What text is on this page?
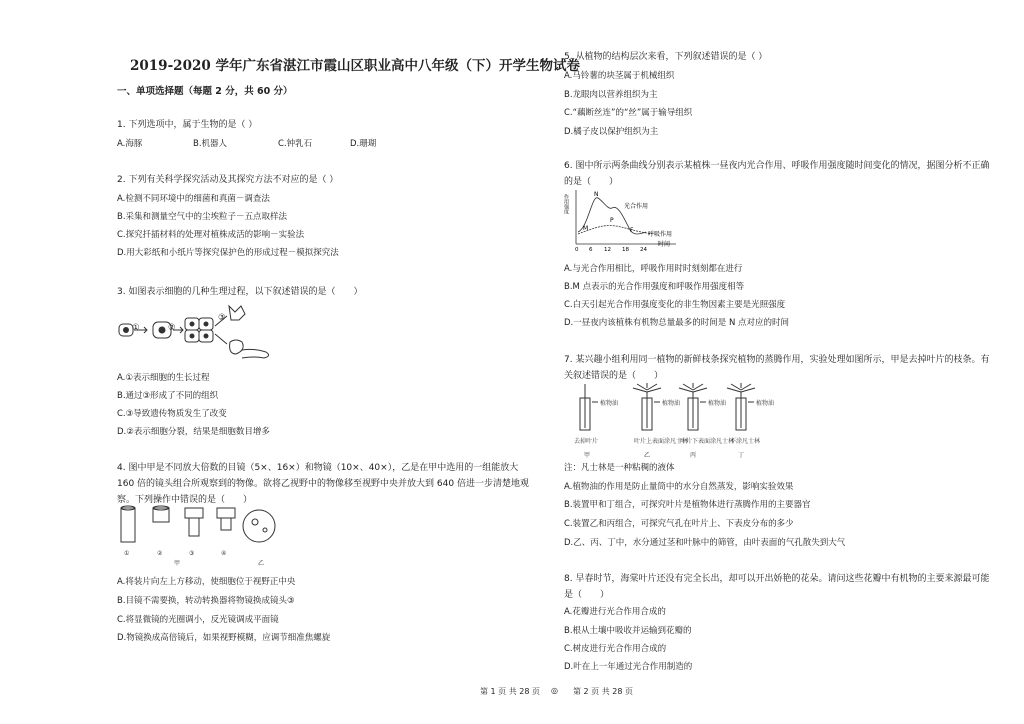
2019-2020 学年广东省湛江市霞山区职业高中八年级（下）开学生物试卷
一、单项选择题（每题 2 分，共 60 分）
1. 下列选项中，属于生物的是（ ）
A.海豚	B.机器人	C.钟乳石	D.珊瑚
2. 下列有关科学探究活动及其探究方法不对应的是（ ）
A.检测不同环境中的细菌和真菌－调查法
B.采集和测量空气中的尘埃粒子－五点取样法
C.探究扦插材料的处理对植株成活的影响－实验法
D.用大彩纸和小纸片等探究保护色的形成过程－模拟探究法
3. 如图表示细胞的几种生理过程，以下叙述错误的是（　　）
①	②
③
A.①表示细胞的生长过程
B.通过③形成了不同的组织
C.③导致遗传物质发生了改变
D.②表示细胞分裂，结果是细胞数目增多
4. 图中甲是不同放大倍数的目镜（5×、16×）和物镜（10×、40×），乙是在甲中选用的一组能放大 160 倍的镜头组合所观察到的物像。欲将乙视野中的物像移至视野中央并放大到 640 倍进一步清楚地观察。下列操作中错误的是（　　）
①	②	③	④
甲	乙
A.将装片向左上方移动，使细胞位于视野正中央
B.目镜不需要换，转动转换器将物镜换成镜头③
C.将显微镜的光圈调小，反光镜调成平面镜
D.物镜换成高倍镜后，如果视野模糊，应调节细准焦螺旋
5. 从植物的结构层次来看，下列叙述错误的是（ ）
A.马铃薯的块茎属于机械组织
B.龙眼肉以营养组织为主
C.“藕断丝连”的“丝”属于输导组织
D.橘子皮以保护组织为主
6. 图中所示两条曲线分别表示某植株一昼夜内光合作用、呼吸作用强度随时间变化的情况，据图分析不正确的是（　　）
作用强度	N
M
P
F
光合作用
呼吸作用
时间
0 6 12 18 24
A.与光合作用相比，呼吸作用时时刻刻都在进行
B.M 点表示的光合作用强度和呼吸作用强度相等
C.白天引起光合作用强度变化的非生物因素主要是光照强度
D.一昼夜内该植株有机物总量最多的时间是 N 点对应的时间
7. 某兴趣小组利用同一植物的新鲜枝条探究植物的蒸腾作用，实验处理如图所示，甲是去掉叶片的枝条。有关叙述错误的是（　　）
植物油	植物油	植物油	植物油
去掉叶片	叶片上表面涂凡士林
叶片下表面涂凡士林
不涂凡士林
甲	乙	丙	丁
注：凡士林是一种粘稠的液体
A.植物油的作用是防止量筒中的水分自然蒸发，影响实验效果
B.装置甲和丁组合，可探究叶片是植物体进行蒸腾作用的主要器官
C.装置乙和丙组合，可探究气孔在叶片上、下表皮分布的多少
D.乙、丙、丁中，水分通过茎和叶脉中的筛管，由叶表面的气孔散失到大气
8. 早春时节，海棠叶片还没有完全长出，却可以开出娇艳的花朵。请问这些花瓣中有机物的主要来源最可能是（　　）
A.花瓣进行光合作用合成的
B.根从土壤中吸收并运输到花瓣的
C.树皮进行光合作用合成的
D.叶在上一年通过光合作用制造的
第 1 页 共 28 页 ◎ 第 2 页 共 28 页
